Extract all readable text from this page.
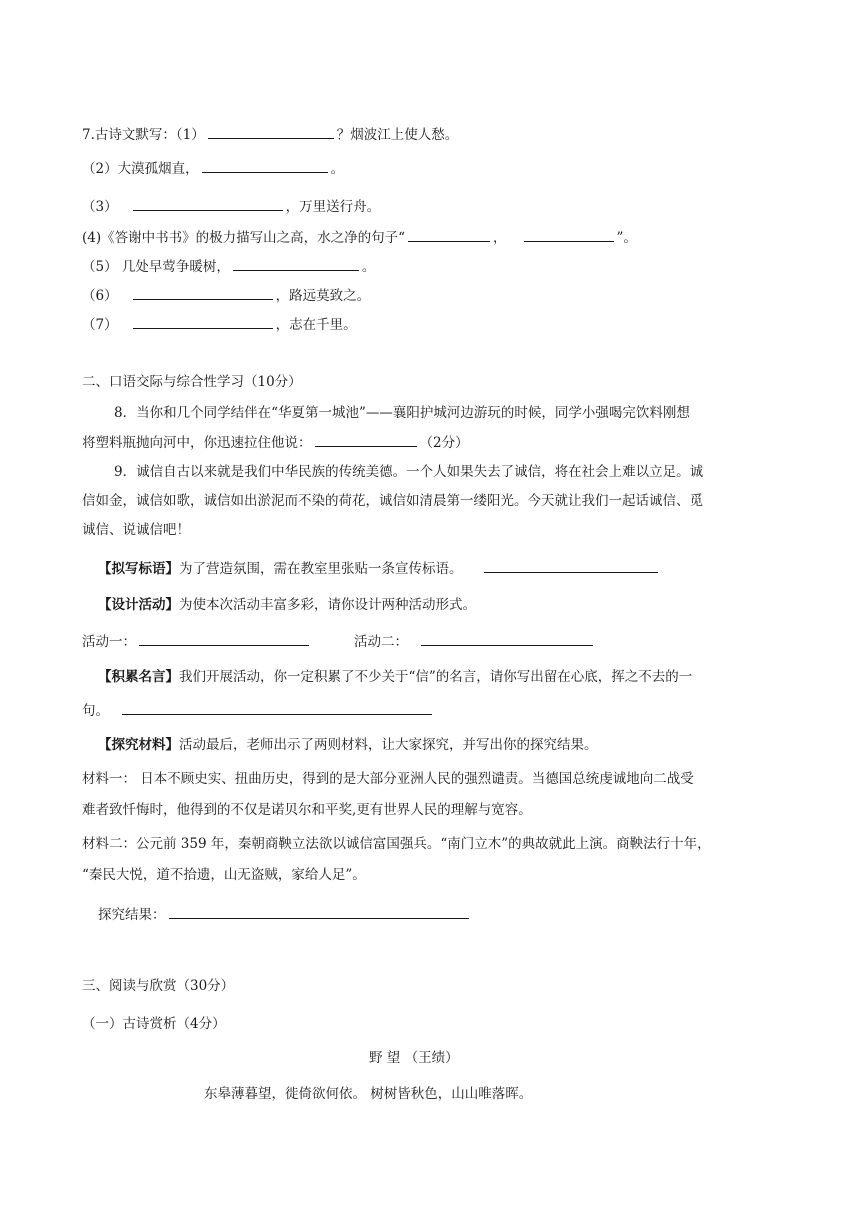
7.古诗文默写：（1）	？烟波江上使人愁。
（2）大漠孤烟直，	。
（3）	，万里送行舟。
(4)《答谢中书书》的极力描写山之高，水之净的句子“	，	”。
（5） 几处早莺争暖树，	。
（6）	，路远莫致之。
（7）	，志在千里。
二、口语交际与综合性学习（10分）
8．当你和几个同学结伴在“华夏第一城池”——襄阳护城河边游玩的时候，同学小强喝完饮料刚想
将塑料瓶抛向河中，你迅速拉住他说：	（2分）
9．诚信自古以来就是我们中华民族的传统美德。一个人如果失去了诚信，将在社会上难以立足。诚
信如金，诚信如歌，诚信如出淤泥而不染的荷花，诚信如清晨第一缕阳光。今天就让我们一起话诚信、觅
诚信、说诚信吧！
【拟写标语】为了营造氛围，需在教室里张贴一条宣传标语。
【设计活动】为使本次活动丰富多彩，请你设计两种活动形式。
活动一：	活动二：
【积累名言】我们开展活动，你一定积累了不少关于“信”的名言，请你写出留在心底，挥之不去的一
句。
【探究材料】活动最后，老师出示了两则材料，让大家探究，并写出你的探究结果。
材料一： 日本不顾史实、扭曲历史，得到的是大部分亚洲人民的强烈谴责。当德国总统虔诚地向二战受
难者致忏悔时，他得到的不仅是诺贝尔和平奖,更有世界人民的理解与宽容。
材料二：公元前 359 年，秦朝商鞅立法欲以诚信富国强兵。“南门立木”的典故就此上演。商鞅法行十年，
“秦民大悦，道不拾遗，山无盗贼，家给人足”。
探究结果：
三、阅读与欣赏（30分）
（一）古诗赏析（4分）
野 望 （王绩）
东皋薄暮望，徙倚欲何依。 树树皆秋色，山山唯落晖。
